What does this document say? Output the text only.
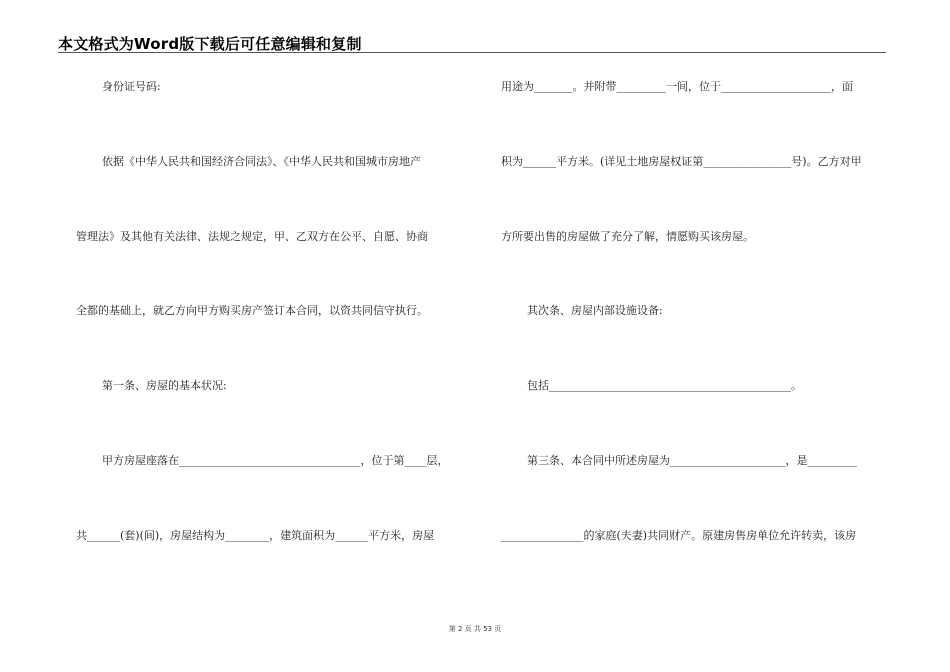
本文格式为Word版下载后可任意编辑和复制
身份证号码:
依据《中华人民共和国经济合同法》、《中华人民共和国城市房地产
管理法》及其他有关法律、法规之规定，甲、乙双方在公平、自愿、协商
全都的基础上，就乙方向甲方购买房产签订本合同，以资共同信守执行。
第一条、房屋的基本状况:
甲方房屋座落在_________________________________，位于第____层，
共______(套)(间)，房屋结构为________，建筑面积为______平方米，房屋
用途为_______。并附带_________一间，位于____________________，面
积为______平方米。(详见土地房屋权证第________________号)。乙方对甲
方所要出售的房屋做了充分了解，情愿购买该房屋。
其次条、房屋内部设施设备:
包括____________________________________________。
第三条、本合同中所述房屋为_____________________，是_________
_______________的家庭(夫妻)共同财产。原建房售房单位允许转卖，该房
第 2 页 共 53 页
